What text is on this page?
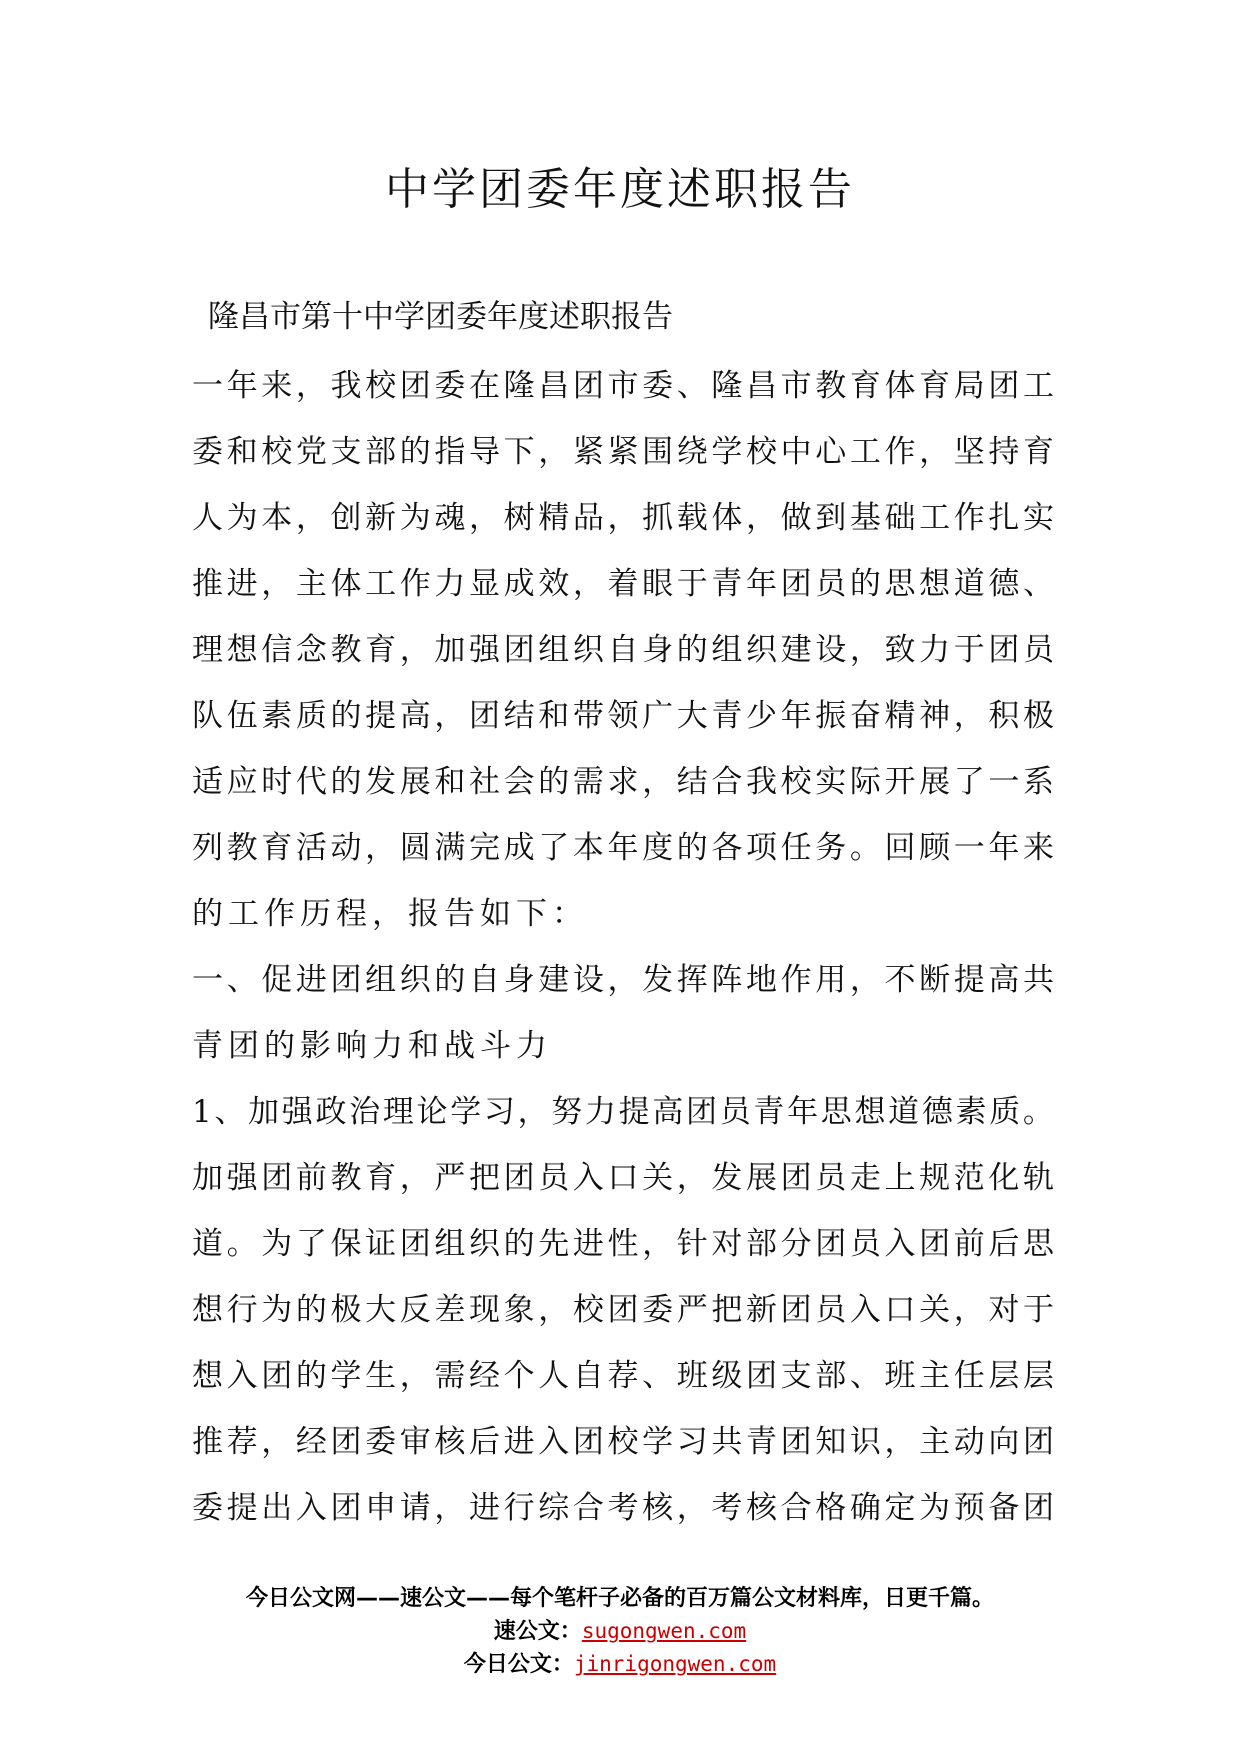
中学团委年度述职报告

隆昌市第十中学团委年度述职报告

一 年 来 ， 我 校 团 委 在 隆 昌 团 市 委 、 隆 昌 市 教 育 体 育 局 团 工
委 和 校 党 支 部 的 指 导 下 ， 紧 紧 围 绕 学 校 中 心 工 作 ， 坚 持 育
人 为 本 ， 创 新 为 魂 ， 树 精 品 ， 抓 载 体 ， 做 到 基 础 工 作 扎 实
推 进 ， 主 体 工 作 力 显 成 效 ， 着 眼 于 青 年 团 员 的 思 想 道 德 、
理 想 信 念 教 育 ， 加 强 团 组 织 自 身 的 组 织 建 设 ， 致 力 于 团 员
队 伍 素 质 的 提 高 ， 团 结 和 带 领 广 大 青 少 年 振 奋 精 神 ， 积 极
适 应 时 代 的 发 展 和 社 会 的 需 求 ， 结 合 我 校 实 际 开 展 了 一 系
列 教 育 活 动 ， 圆 满 完 成 了 本 年 度 的 各 项 任 务 。 回 顾 一 年 来
的工作历程，报告如下：
一 、 促 进 团 组 织 的 自 身 建 设 ， 发 挥 阵 地 作 用 ， 不 断 提 高 共
青团的影响力和战斗力
1 、 加 强 政 治 理 论 学 习 ， 努 力 提 高 团 员 青 年 思 想 道 德 素 质 。
加 强 团 前 教 育 ， 严 把 团 员 入 口 关 ， 发 展 团 员 走 上 规 范 化 轨
道 。 为 了 保 证 团 组 织 的 先 进 性 ， 针 对 部 分 团 员 入 团 前 后 思
想 行 为 的 极 大 反 差 现 象 ， 校 团 委 严 把 新 团 员 入 口 关 ， 对 于
想 入 团 的 学 生 ， 需 经 个 人 自 荐 、 班 级 团 支 部 、 班 主 任 层 层
推 荐 ， 经 团 委 审 核 后 进 入 团 校 学 习 共 青 团 知 识 ， 主 动 向 团
委 提 出 入 团 申 请 ， 进 行 综 合 考 核 ， 考 核 合 格 确 定 为 预 备 团
今日公文网——速公文——每个笔杆子必备的百万篇公文材料库，日更千篇。
速公文：sugongwen.com
今日公文：jinrigongwen.com
